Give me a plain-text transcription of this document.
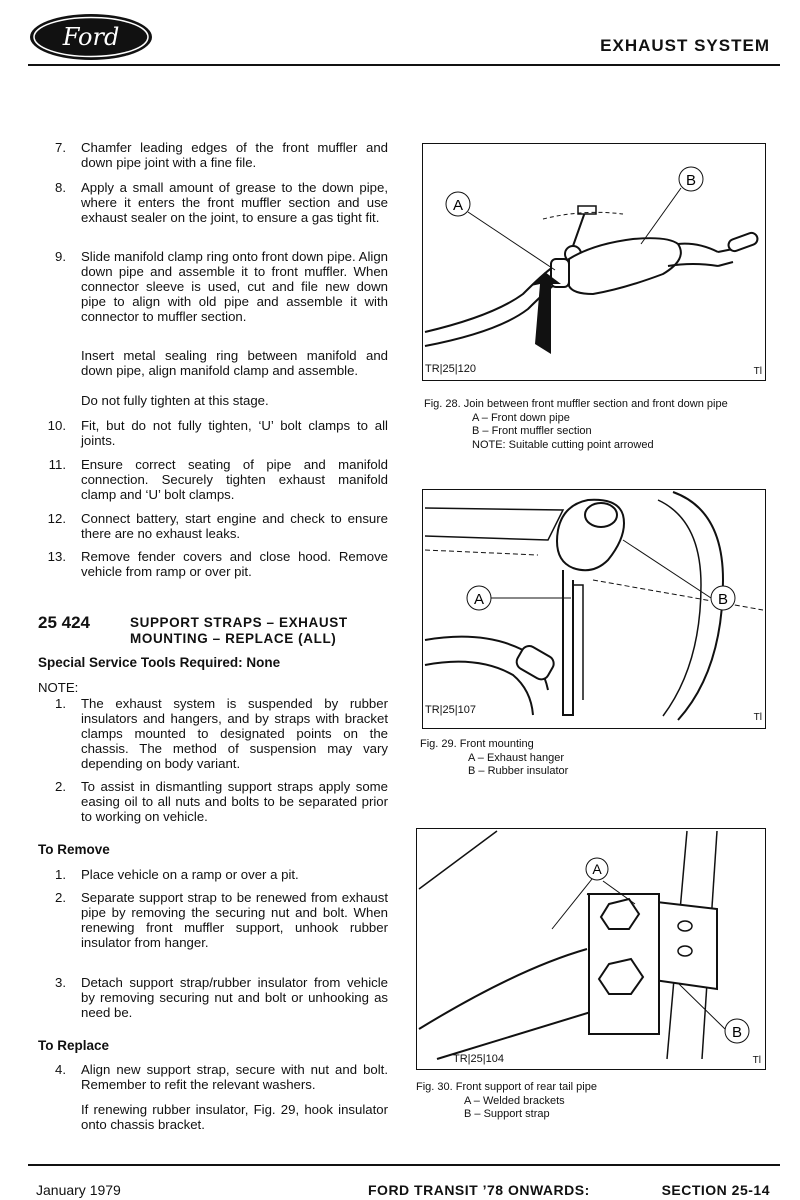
Ford	EXHAUST SYSTEM
7. Chamfer leading edges of the front muffler and down pipe joint with a fine file.
8. Apply a small amount of grease to the down pipe, where it enters the front muffler section and use exhaust sealer on the joint, to ensure a gas tight fit.
9. Slide manifold clamp ring onto front down pipe. Align down pipe and assemble it to front muffler. When connector sleeve is used, cut and file new down pipe to align with old pipe and assemble it with connector to muffler section.
Insert metal sealing ring between manifold and down pipe, align manifold clamp and assemble.
Do not fully tighten at this stage.
10. Fit, but do not fully tighten, ‘U’ bolt clamps to all joints.
11. Ensure correct seating of pipe and manifold connection. Securely tighten exhaust manifold clamp and ‘U’ bolt clamps.
12. Connect battery, start engine and check to ensure there are no exhaust leaks.
13. Remove fender covers and close hood. Remove vehicle from ramp or over pit.
25 424	SUPPORT STRAPS – EXHAUST
MOUNTING – REPLACE (ALL)
Special Service Tools Required: None
NOTE:
1. The exhaust system is suspended by rubber insulators and hangers, and by straps with bracket clamps mounted to designated points on the chassis. The method of suspension may vary depending on body variant.
2. To assist in dismantling support straps apply some easing oil to all nuts and bolts to be separated prior to working on vehicle.
To Remove
1. Place vehicle on a ramp or over a pit.
2. Separate support strap to be renewed from exhaust pipe by removing the securing nut and bolt. When renewing front muffler support, unhook rubber insulator from hanger.
3. Detach support strap/rubber insulator from vehicle by removing securing nut and bolt or unhooking as need be.
To Replace
4. Align new support strap, secure with nut and bolt. Remember to refit the relevant washers.
If renewing rubber insulator, Fig. 29, hook insulator onto chassis bracket.
A
B
TR|25|120	Tl
Fig. 28. Join between front muffler section and front down pipe
A – Front down pipe
B – Front muffler section
NOTE: Suitable cutting point arrowed
A	B
TR|25|107
Tl
Fig. 29. Front mounting
A – Exhaust hanger
B – Rubber insulator
A
B
TR|25|104	Tl
Fig. 30. Front support of rear tail pipe
A – Welded brackets
B – Support strap
January 1979	FORD TRANSIT ’78 ONWARDS:	SECTION 25-14
